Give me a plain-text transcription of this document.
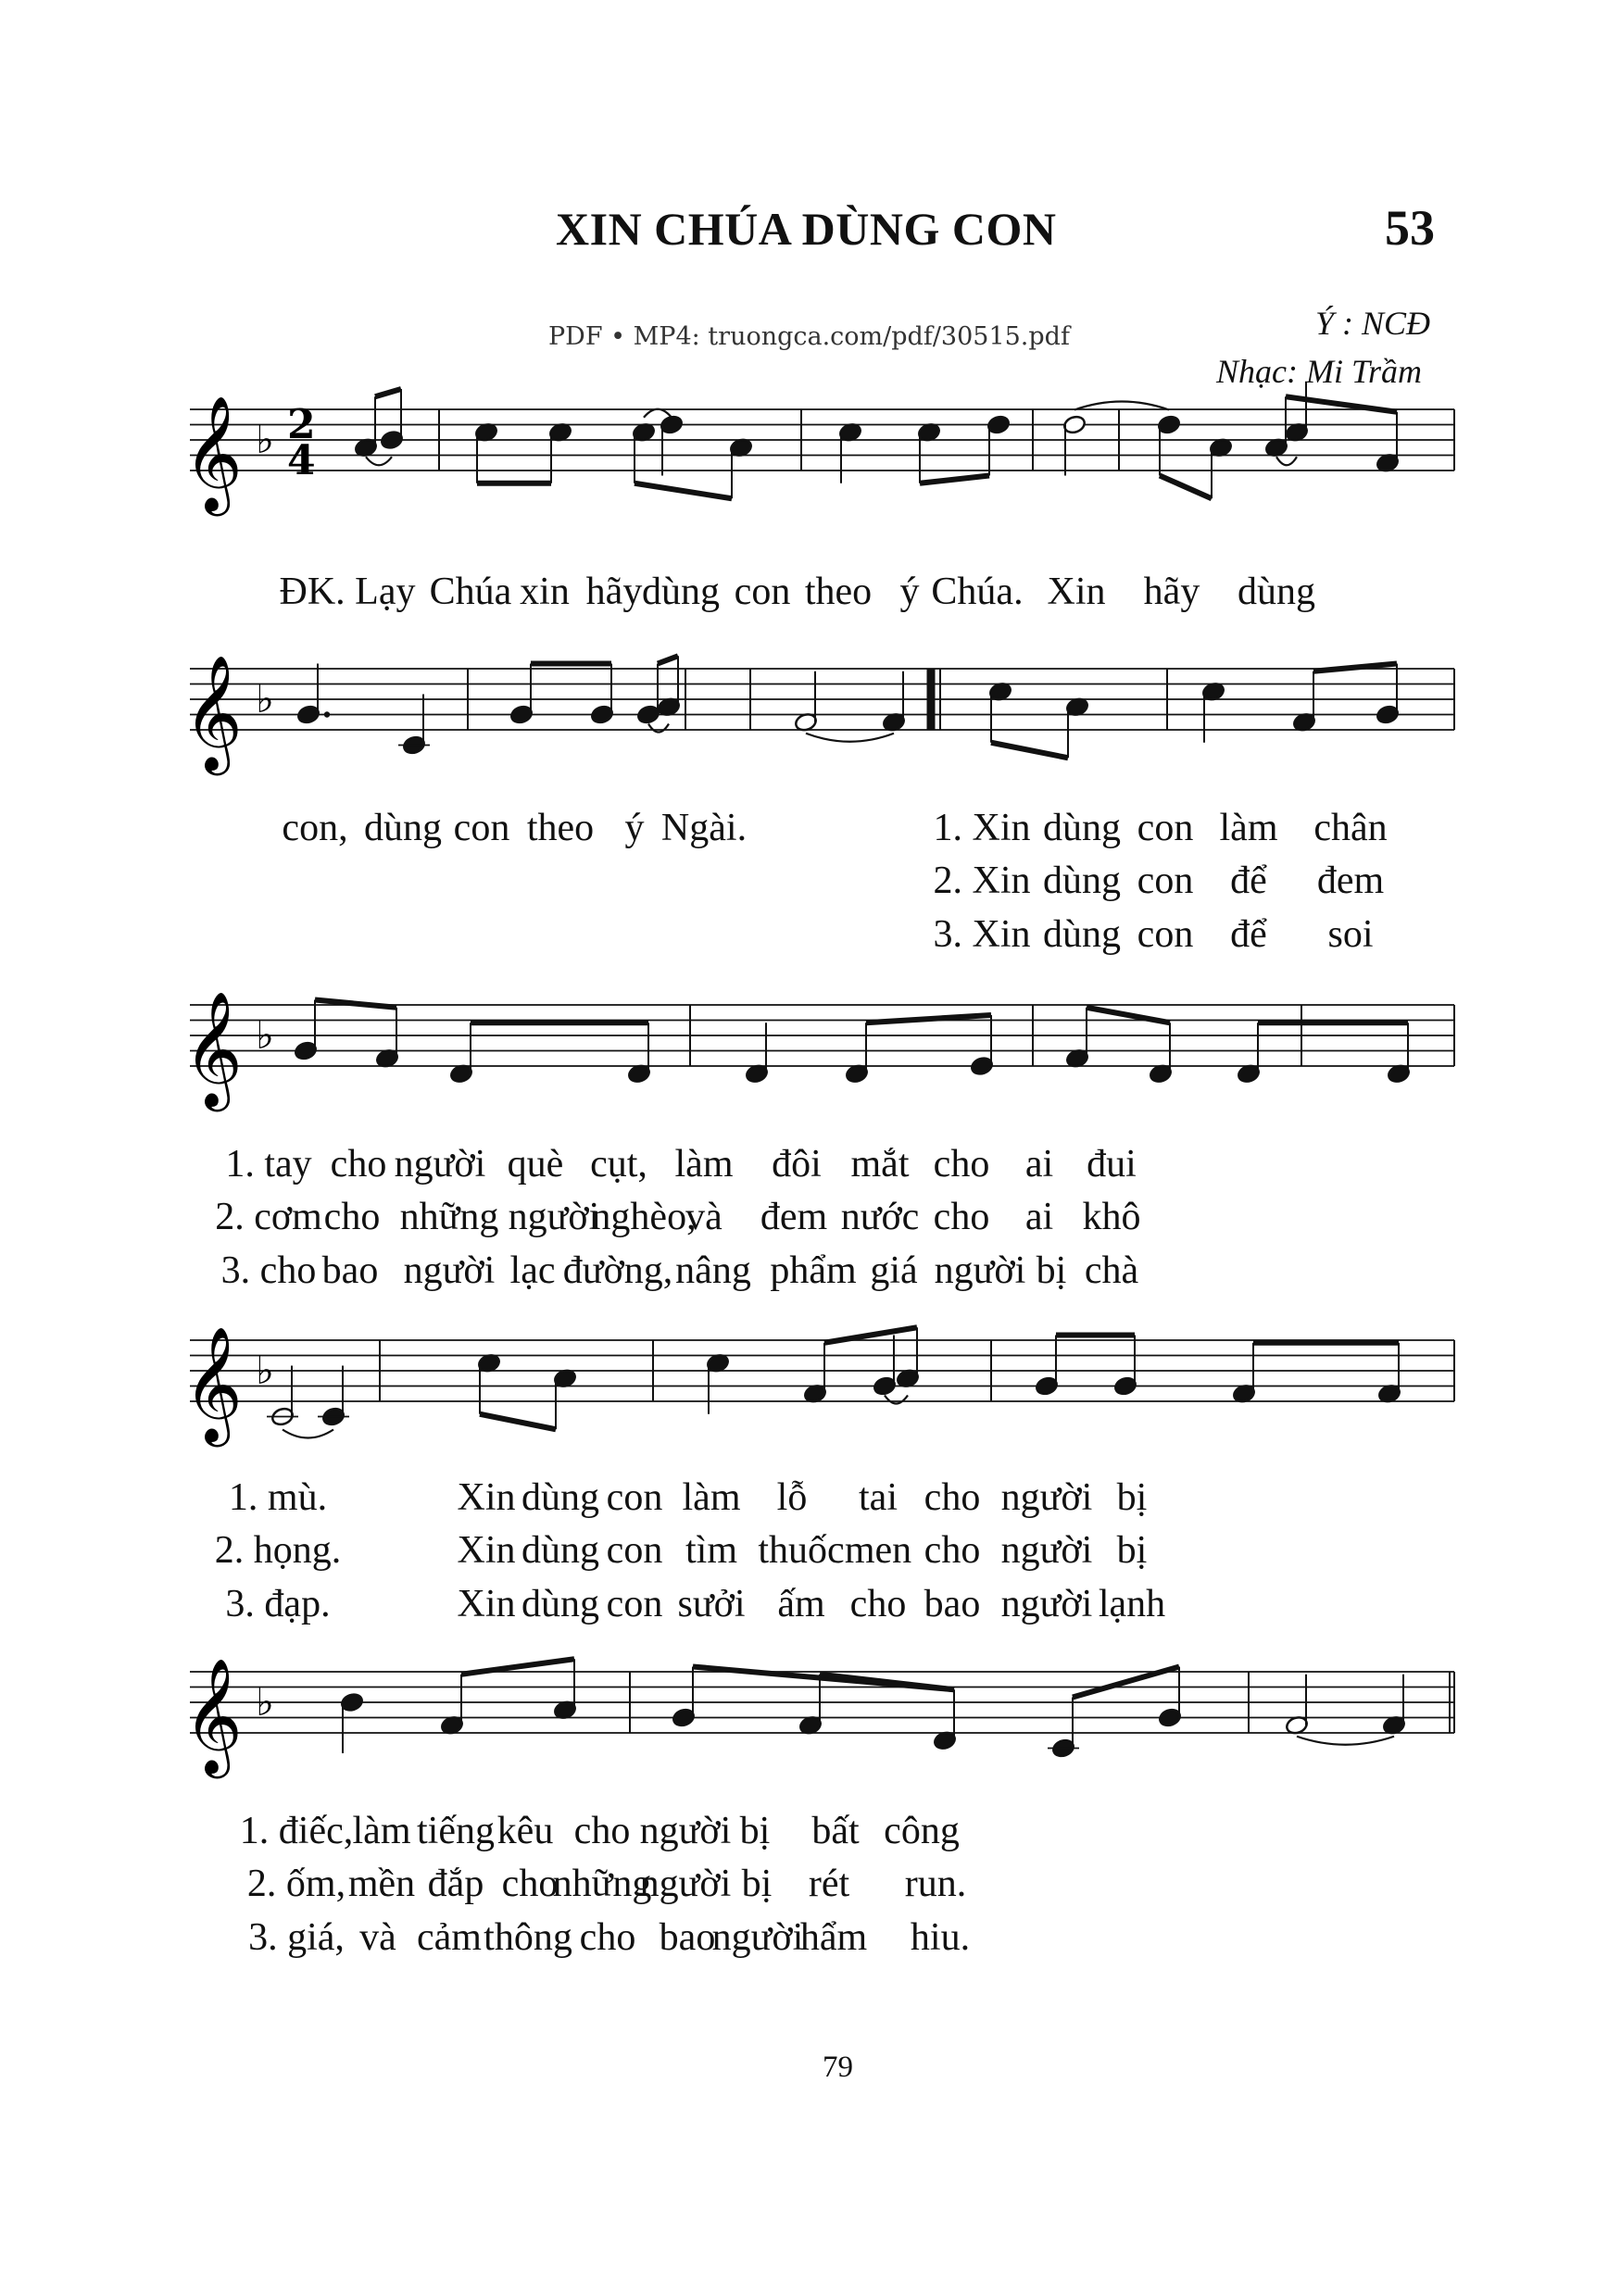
XIN CHÚA DÙNG CON	53
PDF • MP4: truongca.com/pdf/30515.pdf	Ý : NCĐ
Nhạc: Mi Trầm
𝄞 ♭ 2
4
𝄞 ♭
𝄞 ♭
𝄞 ♭
𝄞 ♭
ĐK. Lạy Chúa xin hãy dùng con theo ý Chúa. Xin hãy dùng
con, dùng con theo ý Ngài.	1. Xin dùng con làm chân
2. Xin dùng con để đem
3. Xin dùng con để soi
1. tay cho người què cụt, làm đôi mắt cho ai đui
2. cơm cho những người
nghèo,
và đem nước cho ai khô
3. cho bao người lạc đường, nâng phẩm giá người bị chà
1. mù.	Xin dùng con làm lỗ tai cho người bị
2. họng.	Xin dùng con tìm thuốc men cho người bị
3. đạp.	Xin dùng con sưởi ấm cho bao người lạnh
1. điếc, làm tiếng kêu cho người bị bất công
2. ốm, mền đắp cho
những
người bị rét run.
3. giá, và cảm thông cho bao
người
hẩm hiu.
79
